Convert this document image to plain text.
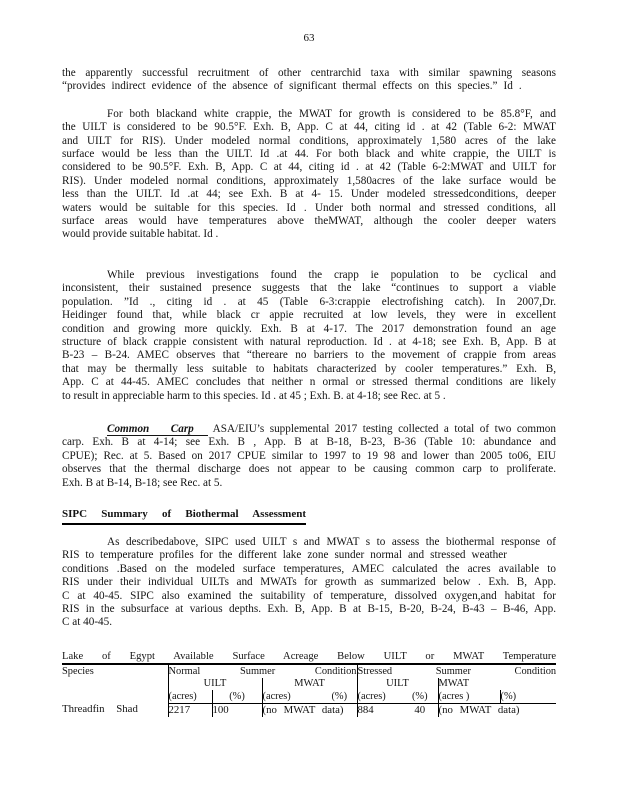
63
the apparently successful recruitment of other centrarchid taxa with similar spawning seasons
“provides indirect evidence of the absence of significant thermal effects on this species.” Id .
For both blackand white crappie, the MWAT for growth is considered to be 85.8°F, and
the UILT is considered to be 90.5°F. Exh. B, App. C at 44, citing id . at 42 (Table 6-2: MWAT
and UILT for RIS). Under modeled normal conditions, approximately 1,580 acres of the lake
surface would be less than the UILT. Id .at 44. For both black and white crappie, the UILT is
considered to be 90.5°F. Exh. B, App. C at 44, citing id . at 42 (Table 6-2:MWAT and UILT for
RIS). Under modeled normal conditions, approximately 1,580acres of the lake surface would be
less than the UILT. Id .at 44; see Exh. B at 4- 15. Under modeled stressedconditions, deeper
waters would be suitable for this species. Id . Under both normal and stressed conditions, all
surface areas would have temperatures above theMWAT, although the cooler deeper waters
would provide suitable habitat. Id .
While previous investigations found the crapp ie population to be cyclical and
inconsistent, their sustained presence suggests that the lake “continues to support a viable
population. ”Id ., citing id . at 45 (Table 6-3:crappie electrofishing catch). In 2007,Dr.
Heidinger found that, while black cr appie recruited at low levels, they were in excellent
condition and growing more quickly. Exh. B at 4-17. The 2017 demonstration found an age
structure of black crappie consistent with natural reproduction. Id . at 4-18; see Exh. B, App. B at
B-23 – B-24. AMEC observes that “thereare no barriers to the movement of crappie from areas
that may be thermally less suitable to habitats characterized by cooler temperatures.” Exh. B,
App. C at 44-45. AMEC concludes that neither n ormal or stressed thermal conditions are likely
to result in appreciable harm to this species. Id . at 45 ; Exh. B. at 4-18; see Rec. at 5 .
Common Carp ASA/EIU’s supplemental 2017 testing collected a total of two common
carp. Exh. B at 4-14; see Exh. B , App. B at B-18, B-23, B-36 (Table 10: abundance and
CPUE); Rec. at 5. Based on 2017 CPUE similar to 1997 to 19 98 and lower than 2005 to06, EIU
observes that the thermal discharge does not appear to be causing common carp to proliferate.
Exh. B at B-14, B-18; see Rec. at 5.
SIPC Summary of Biothermal Assessment
As describedabove, SIPC used UILT s and MWAT s to assess the biothermal response of
RIS to temperature profiles for the different lake zone sunder normal and stressed weather
conditions .Based on the modeled surface temperatures, AMEC calculated the acres available to
RIS under their individual UILTs and MWATs for growth as summarized below . Exh. B, App.
C at 40-45. SIPC also examined the suitability of temperature, dissolved oxygen,and habitat for
RIS in the subsurface at various depths. Exh. B, App. B at B-15, B-20, B-24, B-43 – B-46, App.
C at 40-45.
Lake of Egypt Available Surface Acreage Below UILT or MWAT Temperature								
Species	Normal Summer Condition				Stressed Summer Condition			
	UILT		MWAT		UILT		MWAT	
	(acres)	(%)	(acres)	(%)	(acres)	(%)	(acres )	(%)
Threadfin Shad	2217	100	(no MWAT data)		884	40	(no MWAT data)	
